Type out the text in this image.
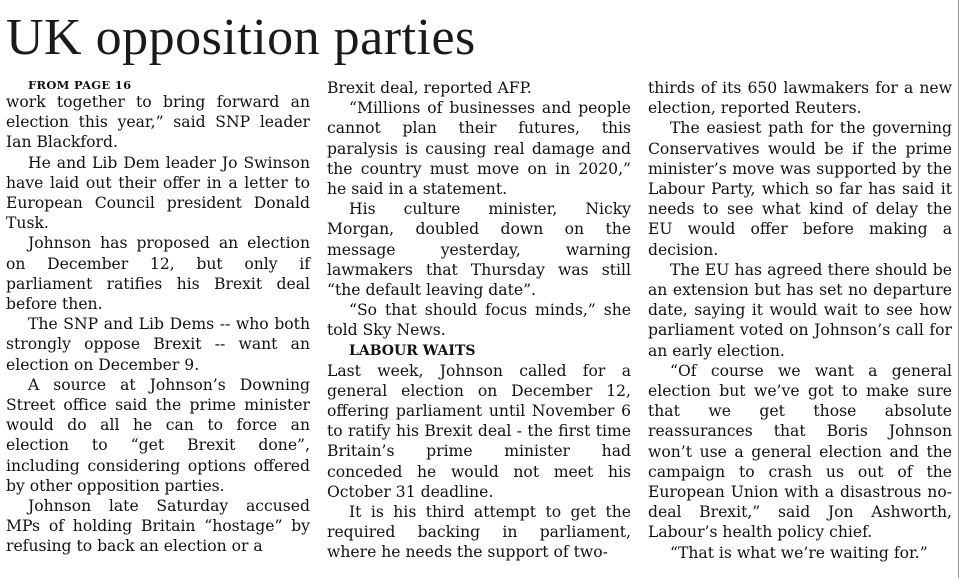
UK opposition parties

FROM PAGE 16

work together to bring forward an election this year,” said SNP leader Ian Blackford.

He and Lib Dem leader Jo Swinson have laid out their offer in a letter to European Council president Donald Tusk.

Johnson has proposed an election on December 12, but only if parliament ratifies his Brexit deal before then.

The SNP and Lib Dems -- who both strongly oppose Brexit -- want an election on December 9.

A source at Johnson’s Downing Street office said the prime minister would do all he can to force an election to “get Brexit done”, including considering options offered by other opposition parties.

Johnson late Saturday accused MPs of holding Britain “hostage” by refusing to back an election or a

Brexit deal, reported AFP.

“Millions of businesses and people cannot plan their futures, this paralysis is causing real damage and the country must move on in 2020,” he said in a statement.

His culture minister, Nicky Morgan, doubled down on the message yesterday, warning lawmakers that Thursday was still “the default leaving date”.

“So that should focus minds,” she told Sky News.

LABOUR WAITS

Last week, Johnson called for a general election on December 12, offering parliament until November 6 to ratify his Brexit deal - the first time Britain’s prime minister had conceded he would not meet his October 31 deadline.

It is his third attempt to get the required backing in parliament, where he needs the support of two-

thirds of its 650 lawmakers for a new election, reported Reuters.

The easiest path for the governing Conservatives would be if the prime minister’s move was supported by the Labour Party, which so far has said it needs to see what kind of delay the EU would offer before making a decision.

The EU has agreed there should be an extension but has set no departure date, saying it would wait to see how parliament voted on Johnson’s call for an early election.

“Of course we want a general election but we’ve got to make sure that we get those absolute reassurances that Boris Johnson won’t use a general election and the campaign to crash us out of the European Union with a disastrous no-deal Brexit,” said Jon Ashworth, Labour’s health policy chief.

“That is what we’re waiting for.”
